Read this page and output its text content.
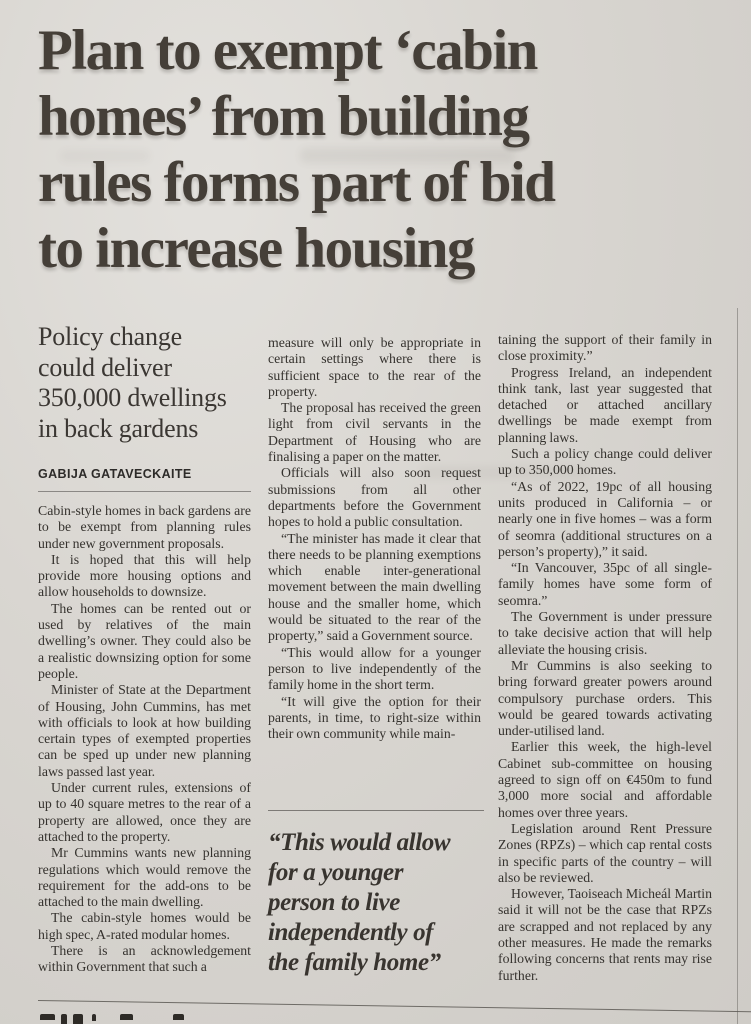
Plan to exempt ‘cabin
homes’ from building
rules forms part of bid
to increase housing
Policy change
could deliver
350,000 dwellings
in back gardens
GABIJA GATAVECKAITE

Cabin-style homes in back gardens are to be exempt from planning rules under new government proposals.

It is hoped that this will help provide more housing options and allow households to downsize.

The homes can be rented out or used by relatives of the main dwelling’s owner. They could also be a realistic downsizing option for some people.

Minister of State at the Department of Housing, John Cummins, has met with officials to look at how building certain types of exempted properties can be sped up under new planning laws passed last year.

Under current rules, extensions of up to 40 square metres to the rear of a property are allowed, once they are attached to the property.

Mr Cummins wants new planning regulations which would remove the requirement for the add-ons to be attached to the main dwelling.

The cabin-style homes would be high spec, A-rated modular homes.

There is an acknowledgement within Government that such a

measure will only be appropriate in certain settings where there is sufficient space to the rear of the property.

The proposal has received the green light from civil servants in the Department of Housing who are finalising a paper on the matter.

Officials will also soon request submissions from all other departments before the Government hopes to hold a public consultation.

“The minister has made it clear that there needs to be planning exemptions which enable inter-generational movement between the main dwelling house and the smaller home, which would be situated to the rear of the property,” said a Government source.

“This would allow for a younger person to live independently of the family home in the short term.

“It will give the option for their parents, in time, to right-size within their own community while main-

taining the support of their family in close proximity.”

Progress Ireland, an independent think tank, last year suggested that detached or attached ancillary dwellings be made exempt from planning laws.

Such a policy change could deliver up to 350,000 homes.

“As of 2022, 19pc of all housing units produced in California – or nearly one in five homes – was a form of seomra (additional structures on a person’s property),” it said.

“In Vancouver, 35pc of all single-family homes have some form of seomra.”

The Government is under pressure to take decisive action that will help alleviate the housing crisis.

Mr Cummins is also seeking to bring forward greater powers around compulsory purchase orders. This would be geared towards activating under-utilised land.

Earlier this week, the high-level Cabinet sub-committee on housing agreed to sign off on €450m to fund 3,000 more social and affordable homes over three years.

Legislation around Rent Pressure Zones (RPZs) – which cap rental costs in specific parts of the country – will also be reviewed.

However, Taoiseach Micheál Martin said it will not be the case that RPZs are scrapped and not replaced by any other measures. He made the remarks following concerns that rents may rise further.

“This would allow
for a younger
person to live
independently of
the family home”
